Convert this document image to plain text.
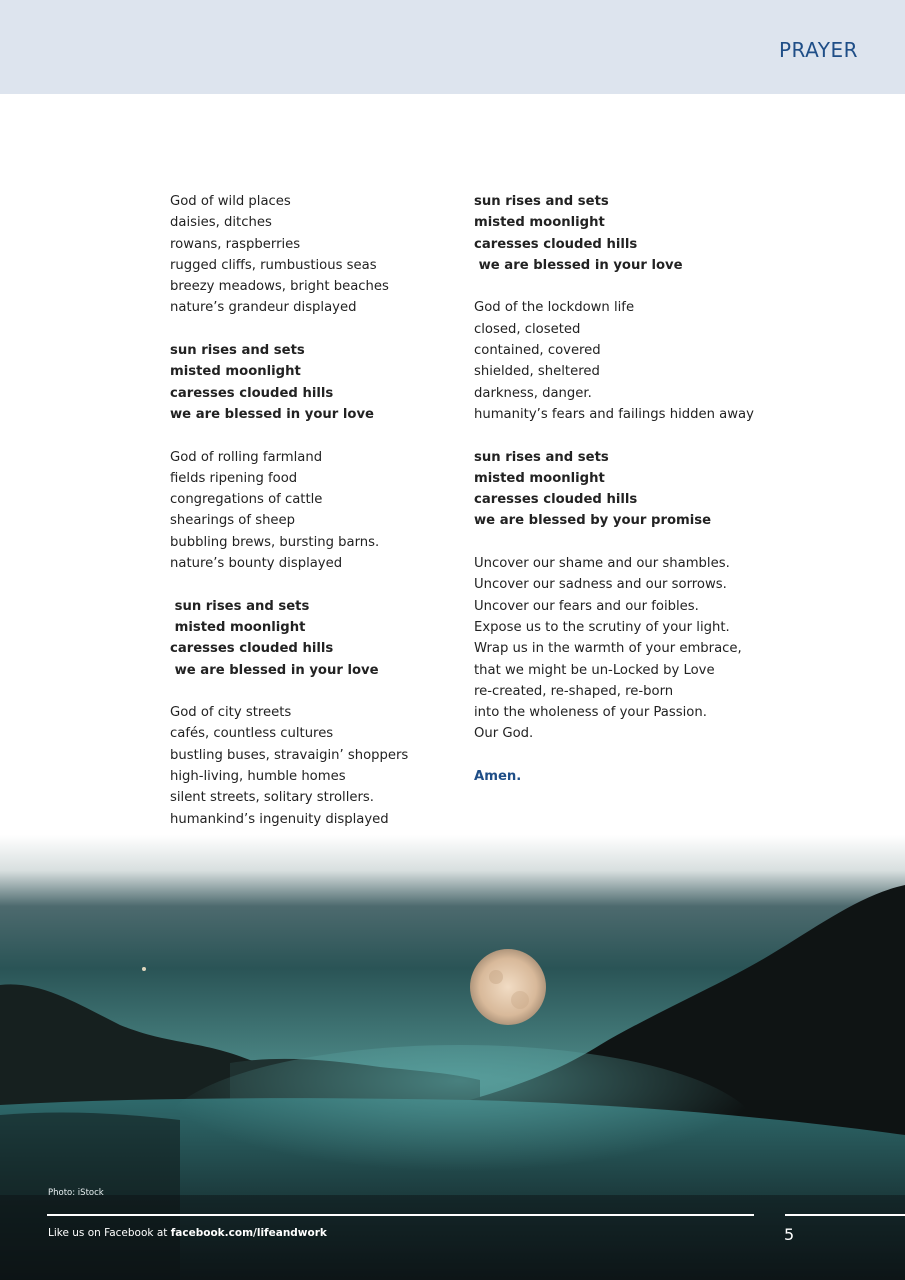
PRAYER
God of wild places
daisies, ditches
rowans, raspberries
rugged cliffs, rumbustious seas
breezy meadows, bright beaches
nature’s grandeur displayed
sun rises and sets
misted moonlight
caresses clouded hills
we are blessed in your love
God of rolling farmland
fields ripening food
congregations of cattle
shearings of sheep
bubbling brews, bursting barns.
nature’s bounty displayed
sun rises and sets
misted moonlight
caresses clouded hills
we are blessed in your love
God of city streets
cafés, countless cultures
bustling buses, stravaigin’ shoppers
high-living, humble homes
silent streets, solitary strollers.
humankind’s ingenuity displayed
sun rises and sets
misted moonlight
caresses clouded hills
we are blessed in your love
God of the lockdown life
closed, closeted
contained, covered
shielded, sheltered
darkness, danger.
humanity’s fears and failings hidden away
sun rises and sets
misted moonlight
caresses clouded hills
we are blessed by your promise
Uncover our shame and our shambles.
Uncover our sadness and our sorrows.
Uncover our fears and our foibles.
Expose us to the scrutiny of your light.
Wrap us in the warmth of your embrace,
that we might be un-Locked by Love
re-created, re-shaped, re-born
into the wholeness of your Passion.
Our God.
Amen.
Photo: iStock
Like us on Facebook at facebook.com/lifeandwork	5
